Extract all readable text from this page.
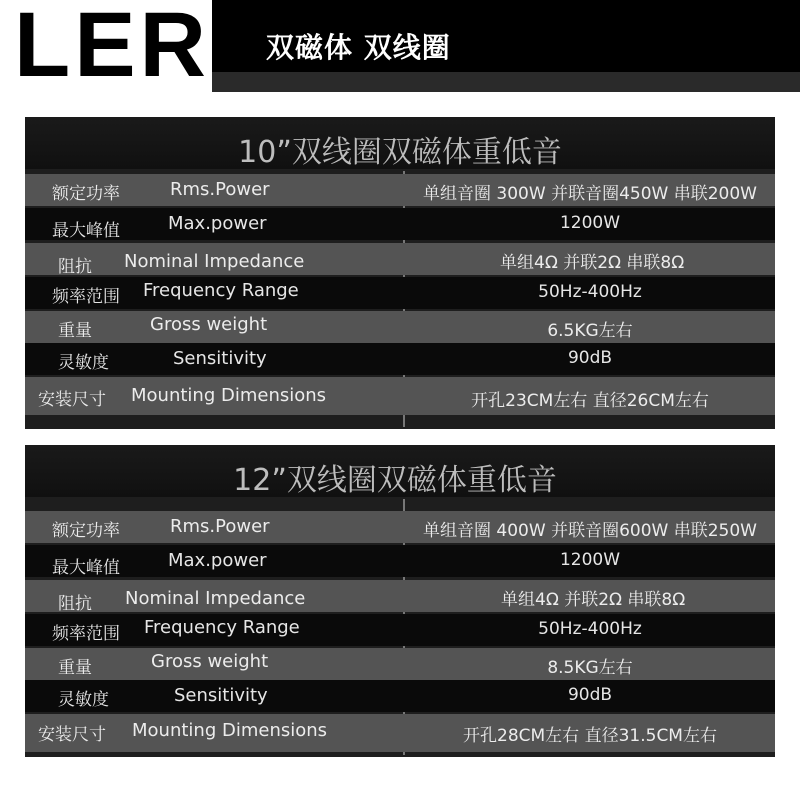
LER 双磁体 双线圈
10”双线圈双磁体重低音
额定功率	Rms.Power	单组音圈 300W 并联音圈450W 串联200W
最大峰值	Max.power	1200W
阻抗 Nominal Impedance	单组4Ω 并联2Ω 串联8Ω
频率范围 Frequency Range	50Hz-400Hz
重量	Gross weight	6.5KG左右
灵敏度	Sensitivity	90dB
安装尺寸 Mounting Dimensions	开孔23CM左右 直径26CM左右
12”双线圈双磁体重低音
额定功率	Rms.Power	单组音圈 400W 并联音圈600W 串联250W
最大峰值	Max.power	1200W
阻抗 Nominal Impedance	单组4Ω 并联2Ω 串联8Ω
频率范围 Frequency Range	50Hz-400Hz
重量	Gross weight	8.5KG左右
灵敏度	Sensitivity	90dB
安装尺寸 Mounting Dimensions	开孔28CM左右 直径31.5CM左右
